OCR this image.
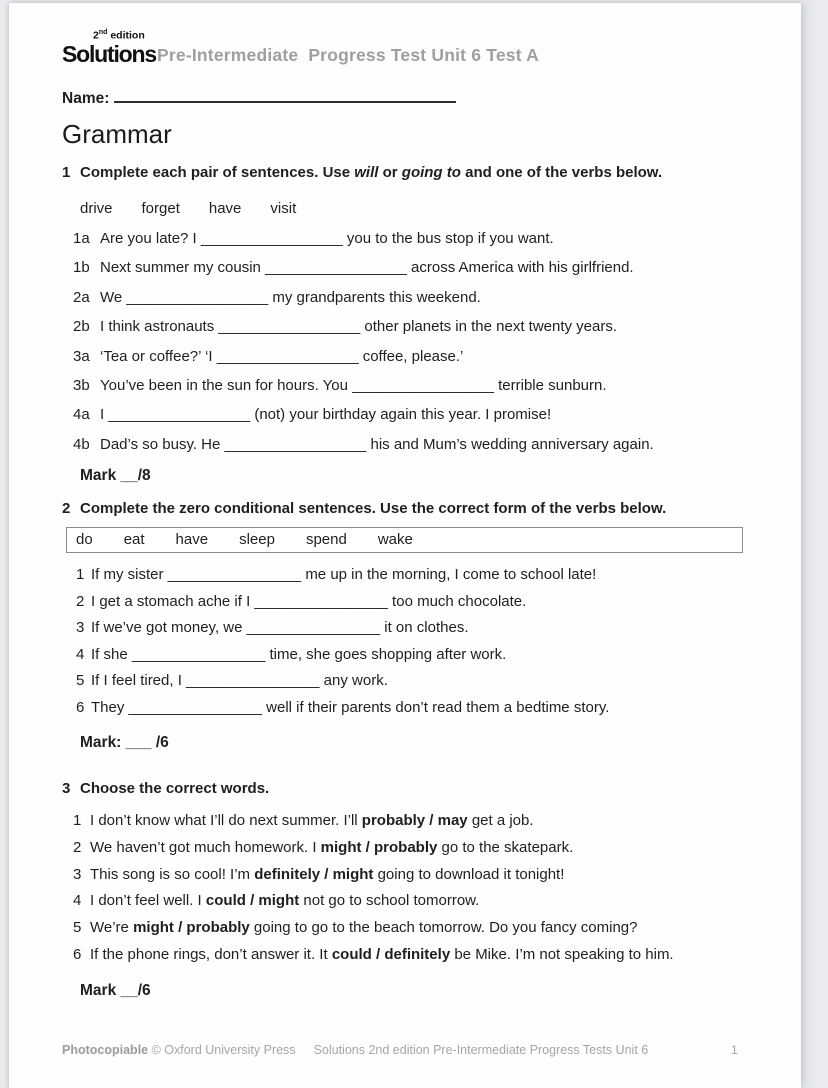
2nd edition
Solutions Pre-Intermediate Progress Test Unit 6 Test A
Name:
Grammar
1 Complete each pair of sentences. Use will or going to and one of the verbs below.
drive forget have visit
1a Are you late? I _________________ you to the bus stop if you want.
1b Next summer my cousin _________________ across America with his girlfriend.
2a We _________________ my grandparents this weekend.
2b I think astronauts _________________ other planets in the next twenty years.
3a ‘Tea or coffee?’ ‘I _________________ coffee, please.’
3b You’ve been in the sun for hours. You _________________ terrible sunburn.
4a I _________________ (not) your birthday again this year. I promise!
4b Dad’s so busy. He _________________ his and Mum’s wedding anniversary again.
Mark __/8
2 Complete the zero conditional sentences. Use the correct form of the verbs below.
do eat have sleep spend wake
1 If my sister ________________ me up in the morning, I come to school late!
2 I get a stomach ache if I ________________ too much chocolate.
3 If we’ve got money, we ________________ it on clothes.
4 If she ________________ time, she goes shopping after work.
5 If I feel tired, I ________________ any work.
6 They ________________ well if their parents don’t read them a bedtime story.
Mark: ___ /6
3 Choose the correct words.
1 I don’t know what I’ll do next summer. I’ll probably / may get a job.
2 We haven’t got much homework. I might / probably go to the skatepark.
3 This song is so cool! I’m definitely / might going to download it tonight!
4 I don’t feel well. I could / might not go to school tomorrow.
5 We’re might / probably going to go to the beach tomorrow. Do you fancy coming?
6 If the phone rings, don’t answer it. It could / definitely be Mike. I’m not speaking to him.
Mark __/6
Photocopiable © Oxford University Press Solutions 2nd edition Pre-Intermediate Progress Tests Unit 6	1
